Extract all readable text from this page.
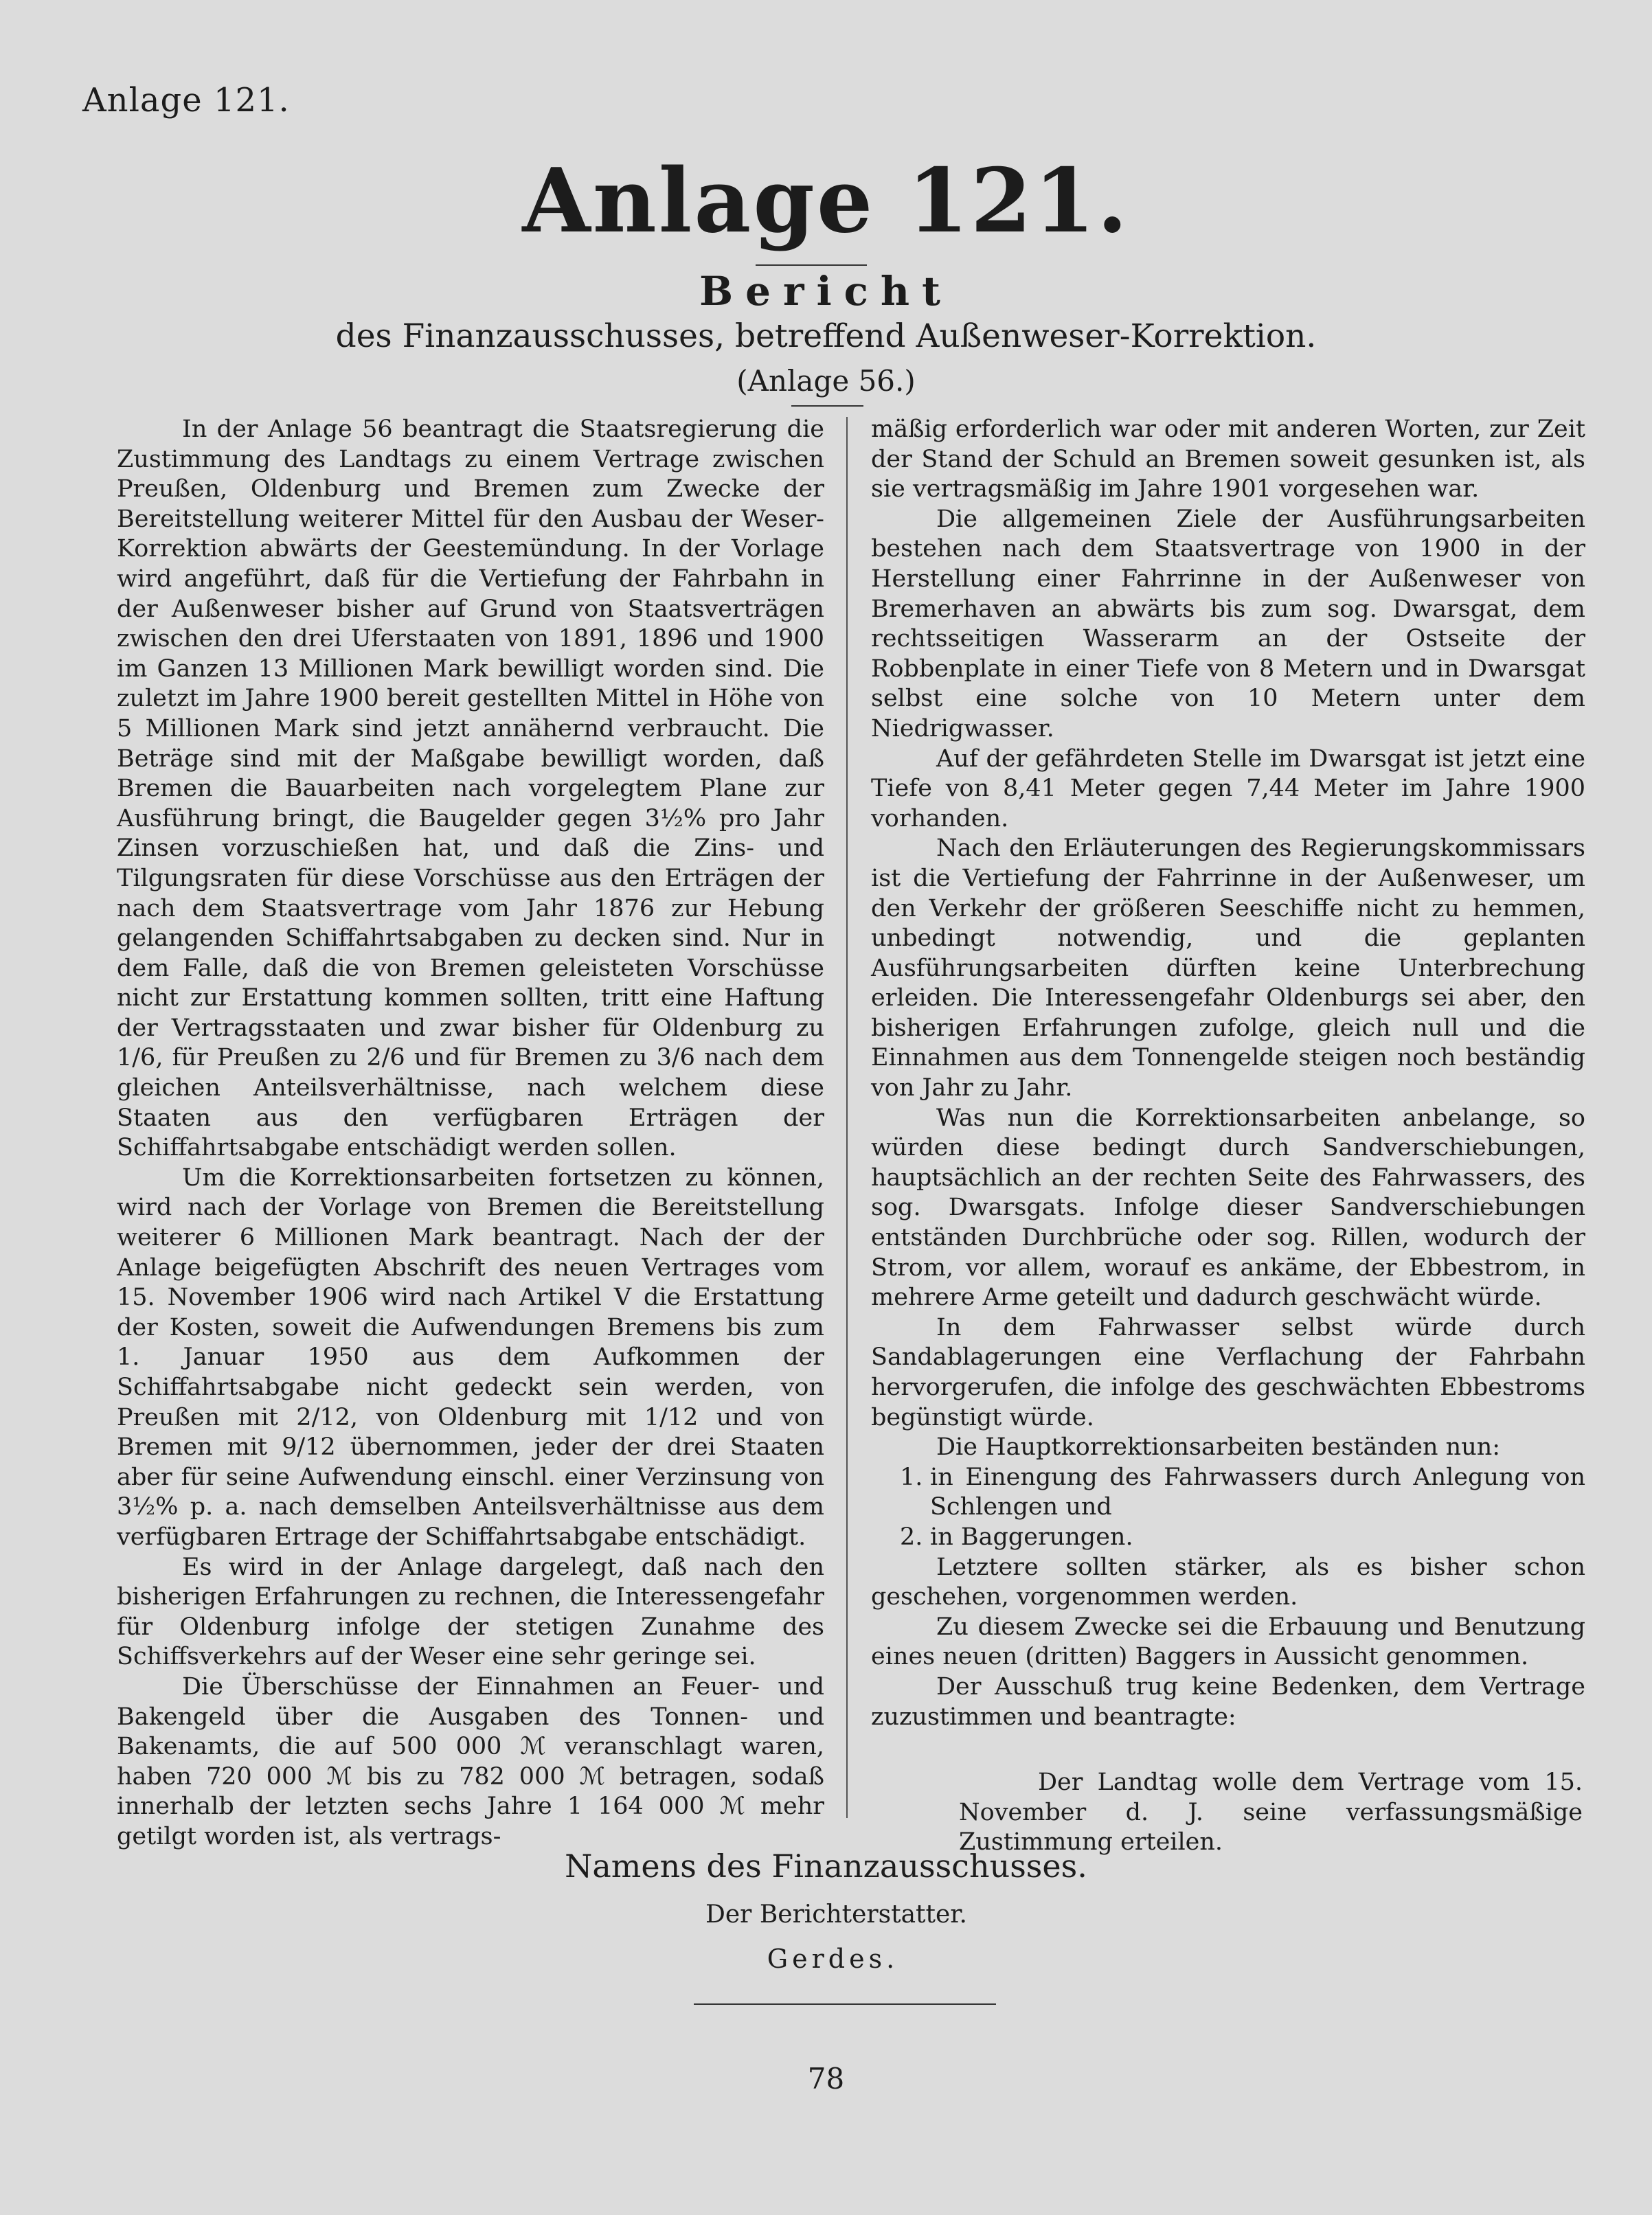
Anlage 121.
Anlage 121.
Bericht
des Finanzausschusses, betreffend Außenweser-Korrektion.
(Anlage 56.)

In der Anlage 56 beantragt die Staatsregierung die Zustimmung des Landtags zu einem Vertrage zwischen Preußen, Oldenburg und Bremen zum Zwecke der Bereitstellung weiterer Mittel für den Ausbau der Weser-Korrektion abwärts der Geestemündung. In der Vorlage wird angeführt, daß für die Vertiefung der Fahrbahn in der Außenweser bisher auf Grund von Staatsverträgen zwischen den drei Uferstaaten von 1891, 1896 und 1900 im Ganzen 13 Millionen Mark bewilligt worden sind. Die zuletzt im Jahre 1900 bereit gestellten Mittel in Höhe von 5 Millionen Mark sind jetzt annähernd verbraucht. Die Beträge sind mit der Maßgabe bewilligt worden, daß Bremen die Bauarbeiten nach vorgelegtem Plane zur Ausführung bringt, die Baugelder gegen 3½% pro Jahr Zinsen vorzuschießen hat, und daß die Zins- und Tilgungsraten für diese Vorschüsse aus den Erträgen der nach dem Staatsvertrage vom Jahr 1876 zur Hebung gelangenden Schiffahrtsabgaben zu decken sind. Nur in dem Falle, daß die von Bremen geleisteten Vorschüsse nicht zur Erstattung kommen sollten, tritt eine Haftung der Vertragsstaaten und zwar bisher für Oldenburg zu 1/6, für Preußen zu 2/6 und für Bremen zu 3/6 nach dem gleichen Anteilsverhältnisse, nach welchem diese Staaten aus den verfügbaren Erträgen der Schiffahrtsabgabe entschädigt werden sollen.

Um die Korrektionsarbeiten fortsetzen zu können, wird nach der Vorlage von Bremen die Bereitstellung weiterer 6 Millionen Mark beantragt. Nach der der Anlage beigefügten Abschrift des neuen Vertrages vom 15. November 1906 wird nach Artikel V die Erstattung der Kosten, soweit die Aufwendungen Bremens bis zum 1. Januar 1950 aus dem Aufkommen der Schiffahrtsabgabe nicht gedeckt sein werden, von Preußen mit 2/12, von Oldenburg mit 1/12 und von Bremen mit 9/12 übernommen, jeder der drei Staaten aber für seine Aufwendung einschl. einer Verzinsung von 3½% p. a. nach demselben Anteilsverhältnisse aus dem verfügbaren Ertrage der Schiffahrtsabgabe entschädigt.

Es wird in der Anlage dargelegt, daß nach den bisherigen Erfahrungen zu rechnen, die Interessengefahr für Oldenburg infolge der stetigen Zunahme des Schiffsverkehrs auf der Weser eine sehr geringe sei.

Die Überschüsse der Einnahmen an Feuer- und Bakengeld über die Ausgaben des Tonnen- und Bakenamts, die auf 500 000 ℳ veranschlagt waren, haben 720 000 ℳ bis zu 782 000 ℳ betragen, sodaß innerhalb der letzten sechs Jahre 1 164 000 ℳ mehr getilgt worden ist, als vertrags-

mäßig erforderlich war oder mit anderen Worten, zur Zeit der Stand der Schuld an Bremen soweit gesunken ist, als sie vertragsmäßig im Jahre 1901 vorgesehen war.

Die allgemeinen Ziele der Ausführungsarbeiten bestehen nach dem Staatsvertrage von 1900 in der Herstellung einer Fahrrinne in der Außenweser von Bremerhaven an abwärts bis zum sog. Dwarsgat, dem rechtsseitigen Wasserarm an der Ostseite der Robbenplate in einer Tiefe von 8 Metern und in Dwarsgat selbst eine solche von 10 Metern unter dem Niedrigwasser.

Auf der gefährdeten Stelle im Dwarsgat ist jetzt eine Tiefe von 8,41 Meter gegen 7,44 Meter im Jahre 1900 vorhanden.

Nach den Erläuterungen des Regierungskommissars ist die Vertiefung der Fahrrinne in der Außenweser, um den Verkehr der größeren Seeschiffe nicht zu hemmen, unbedingt notwendig, und die geplanten Ausführungsarbeiten dürften keine Unterbrechung erleiden. Die Interessengefahr Oldenburgs sei aber, den bisherigen Erfahrungen zufolge, gleich null und die Einnahmen aus dem Tonnengelde steigen noch beständig von Jahr zu Jahr.

Was nun die Korrektionsarbeiten anbelange, so würden diese bedingt durch Sandverschiebungen, hauptsächlich an der rechten Seite des Fahrwassers, des sog. Dwarsgats. Infolge dieser Sandverschiebungen entständen Durchbrüche oder sog. Rillen, wodurch der Strom, vor allem, worauf es ankäme, der Ebbestrom, in mehrere Arme geteilt und dadurch geschwächt würde.

In dem Fahrwasser selbst würde durch Sandablagerungen eine Verflachung der Fahrbahn hervorgerufen, die infolge des geschwächten Ebbestroms begünstigt würde.

Die Hauptkorrektionsarbeiten beständen nun:

1. in Einengung des Fahrwassers durch Anlegung von Schlengen und

2. in Baggerungen.

Letztere sollten stärker, als es bisher schon geschehen, vorgenommen werden.

Zu diesem Zwecke sei die Erbauung und Benutzung eines neuen (dritten) Baggers in Aussicht genommen.

Der Ausschuß trug keine Bedenken, dem Vertrage zuzustimmen und beantragte:

Der Landtag wolle dem Vertrage vom 15. November d. J. seine verfassungsmäßige Zustimmung erteilen.

Namens des Finanzausschusses.
Der Berichterstatter.
Gerdes.
78
